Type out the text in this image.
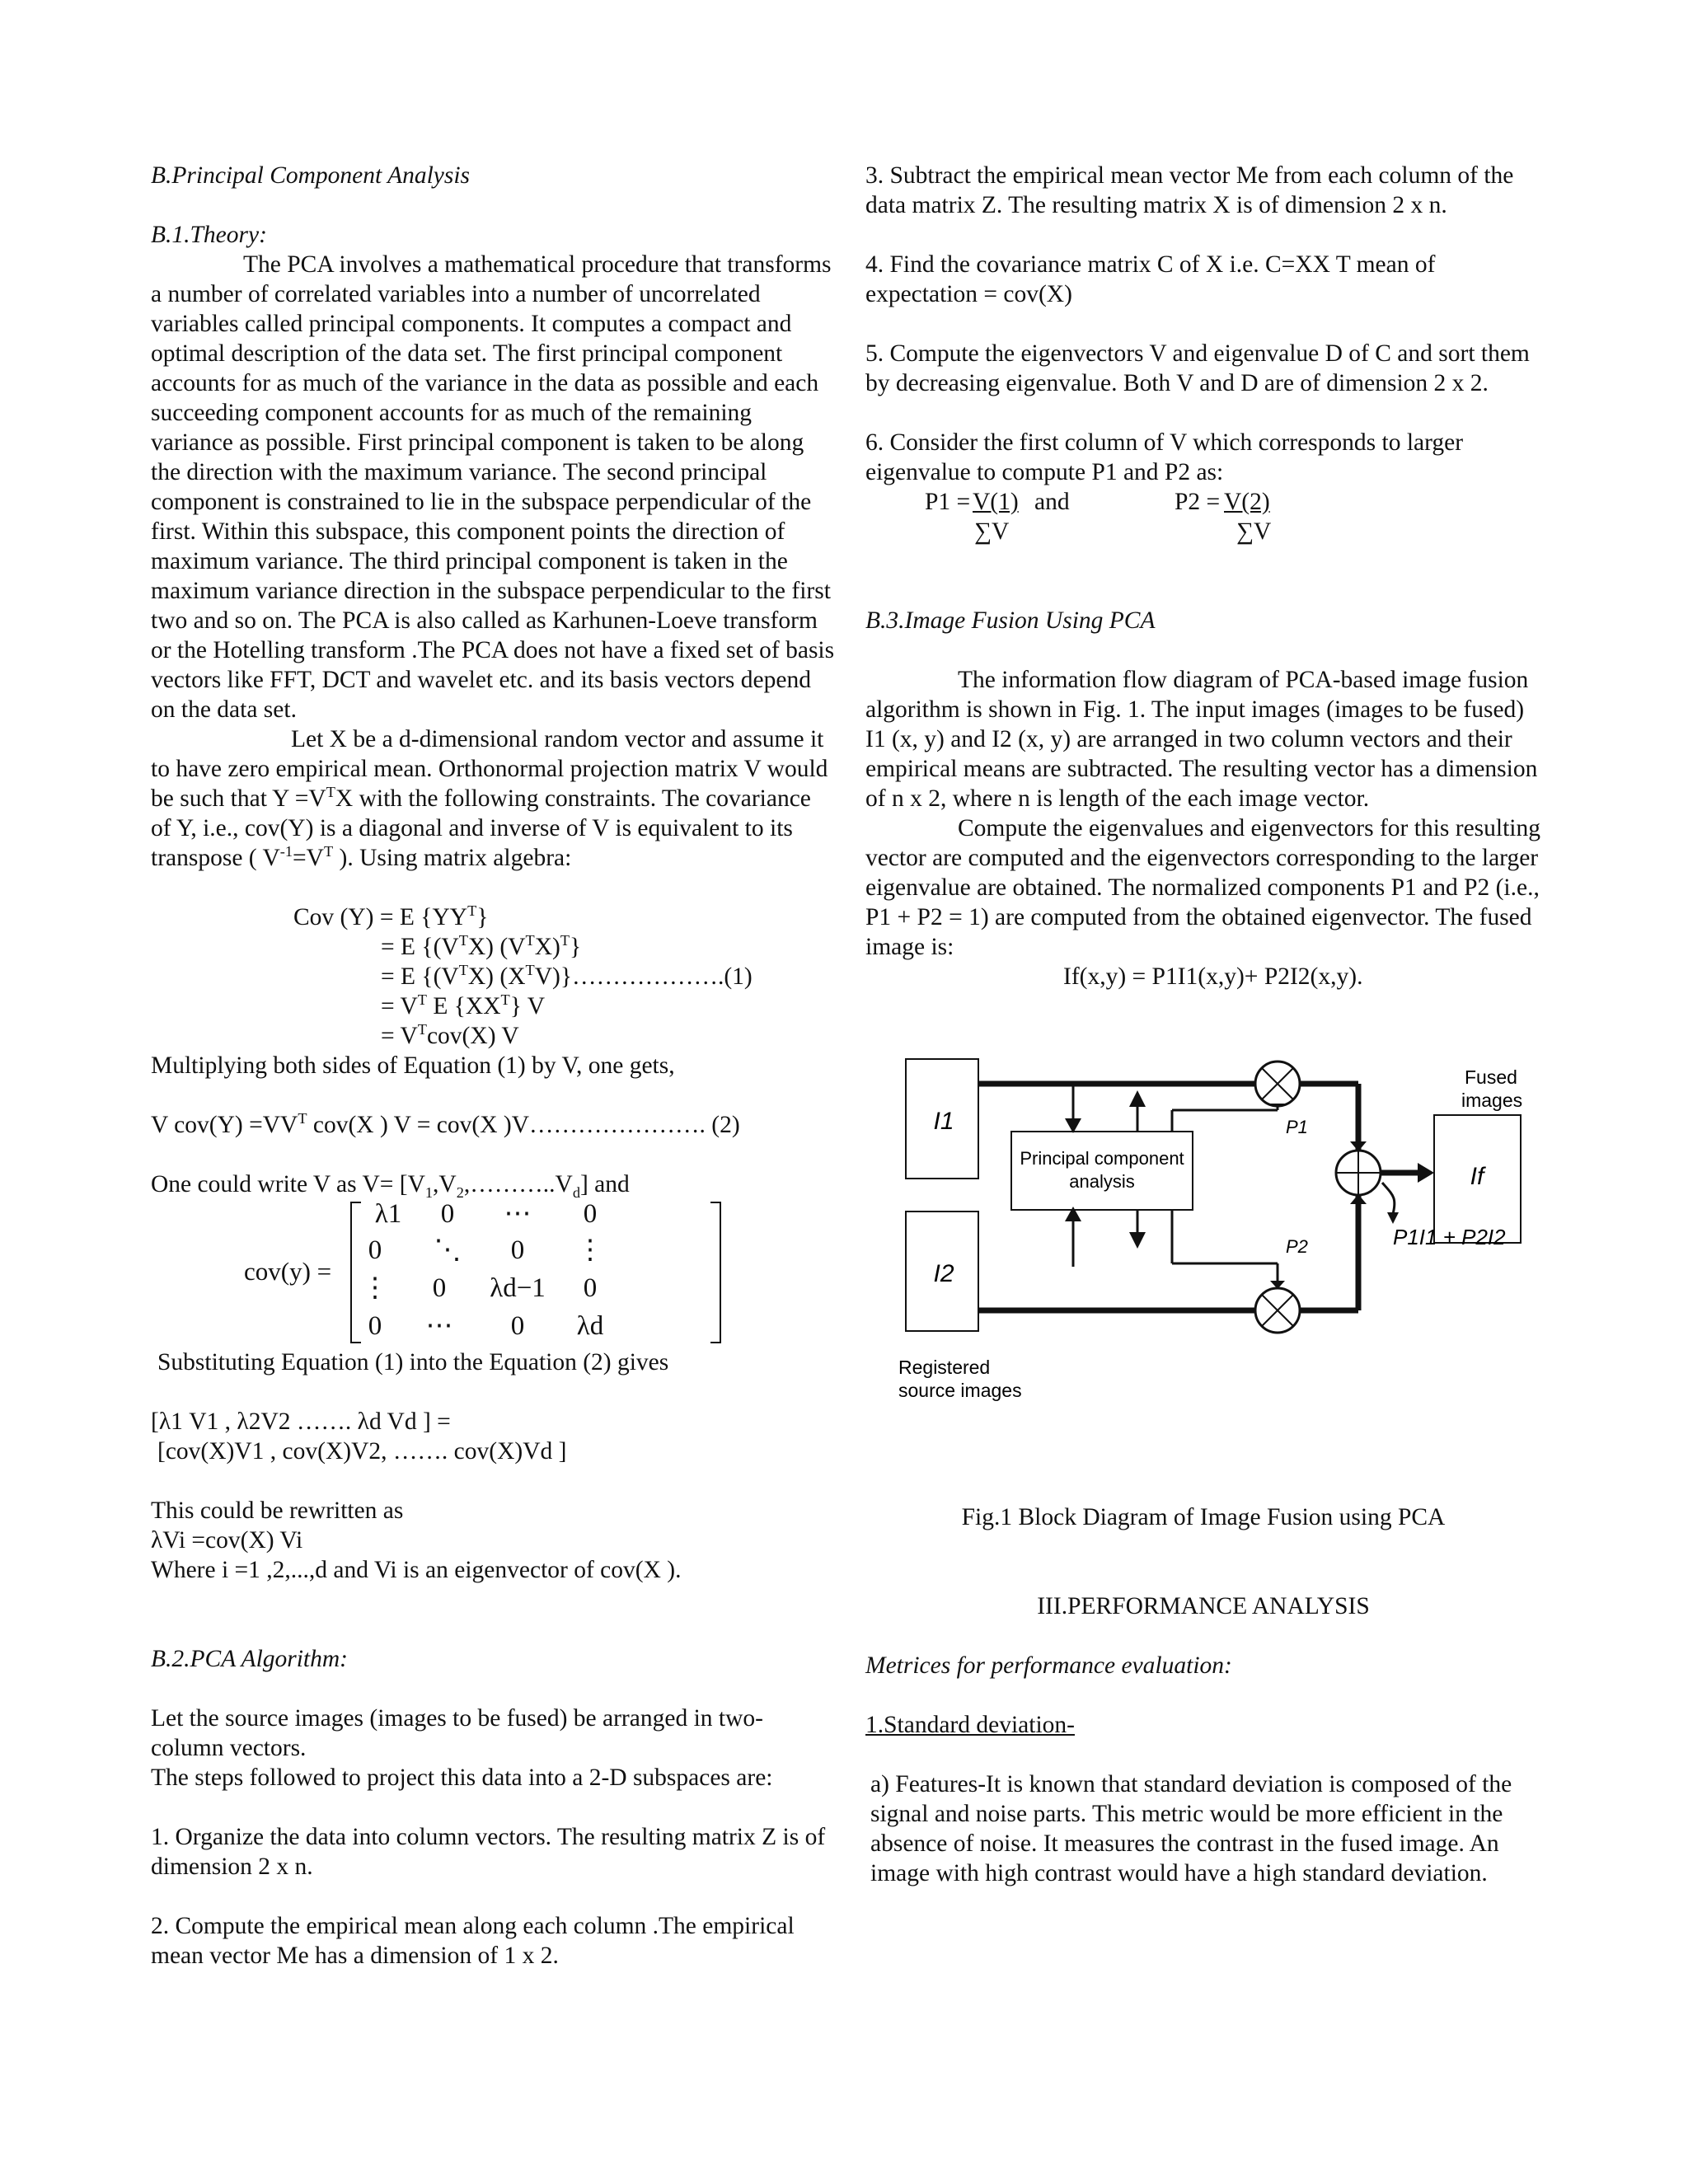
B.Principal Component Analysis

B.1.Theory:

The PCA involves a mathematical procedure that transforms a number of correlated variables into a number of uncorrelated variables called principal components. It computes a compact and optimal description of the data set. The first principal component accounts for as much of the variance in the data as possible and each succeeding component accounts for as much of the remaining variance as possible. First principal component is taken to be along the direction with the maximum variance. The second principal component is constrained to lie in the subspace perpendicular of the first. Within this subspace, this component points the direction of maximum variance. The third principal component is taken in the maximum variance direction in the subspace perpendicular to the first two and so on. The PCA is also called as Karhunen-Loeve transform or the Hotelling transform .The PCA does not have a fixed set of basis vectors like FFT, DCT and wavelet etc. and its basis vectors depend on the data set.

Let X be a d-dimensional random vector and assume it to have zero empirical mean. Orthonormal projection matrix V would be such that $Y =V^TX$ with the following constraints. The covariance of Y, i.e., cov(Y) is a diagonal and inverse of V is equivalent to its transpose ( $V^{-1}=V^T$ ). Using matrix algebra:

Cov (Y) = E $\{YY^T\}$
= E {$(V^TX)$ $(V^TX)^T$}
= E {$(V^TX)$ $(X^TV)\}\dots\dots\dots\dots\dots\dots.(1)$
= $V^T$ E $\{XX^T\}$ V
= $V^Tcov(X)$ V

Multiplying both sides of Equation (1) by V, one gets,

V $cov(Y) =VV^T$ cov(X ) V = cov(X )V…………………. (2)

One could write V as $V= [V_1,V_2,\dots\dots\dots..V_d]$ and

cov(y) =
λ1	0	⋯	0
0	⋱	0	⋮
⋮	0	λd−1	0
0	⋯	0	λd

Substituting Equation (1) into the Equation (2) gives

[λ1 V1 , λ2V2 ……. λd Vd ] =

[cov(X)V1 , cov(X)V2, ……. cov(X)Vd ]

This could be rewritten as

λVi =cov(X) Vi

Where i =1 ,2,...,d and Vi is an eigenvector of cov(X ).

B.2.PCA Algorithm:

Let the source images (images to be fused) be arranged in two-column vectors.

The steps followed to project this data into a 2-D subspaces are:

1. Organize the data into column vectors. The resulting matrix Z is of dimension 2 x n.

2. Compute the empirical mean along each column .The empirical mean vector Me has a dimension of 1 x 2.

3. Subtract the empirical mean vector Me from each column of the data matrix Z. The resulting matrix X is of dimension 2 x n.

4. Find the covariance matrix C of X i.e. C=XX T mean of expectation = cov(X)

5. Compute the eigenvectors V and eigenvalue D of C and sort them by decreasing eigenvalue. Both V and D are of dimension 2 x 2.

6. Consider the first column of V which corresponds to larger eigenvalue to compute P1 and P2 as:

P1 = V(1) and
∑V
P2 = V(2)
∑V

B.3.Image Fusion Using PCA

The information flow diagram of PCA-based image fusion algorithm is shown in Fig. 1. The input images (images to be fused) I1 (x, y) and I2 (x, y) are arranged in two column vectors and their empirical means are subtracted. The resulting vector has a dimension of n x 2, where n is length of the each image vector.

Compute the eigenvalues and eigenvectors for this resulting vector are computed and the eigenvectors corresponding to the larger eigenvalue are obtained. The normalized components P1 and P2 (i.e., P1 + P2 = 1) are computed from the obtained eigenvector. The fused image is:

If(x,y) = P1I1(x,y)+ P2I2(x,y).

I1
I2
Principal component
analysis
P1
P2
Fused
images
If
Registered
source images
P1I1 + P2I2

Fig.1 Block Diagram of Image Fusion using PCA

III.PERFORMANCE ANALYSIS

Metrices for performance evaluation:

1.Standard deviation-

a) Features-It is known that standard deviation is composed of the signal and noise parts. This metric would be more efficient in the absence of noise. It measures the contrast in the fused image. An image with high contrast would have a high standard deviation.
